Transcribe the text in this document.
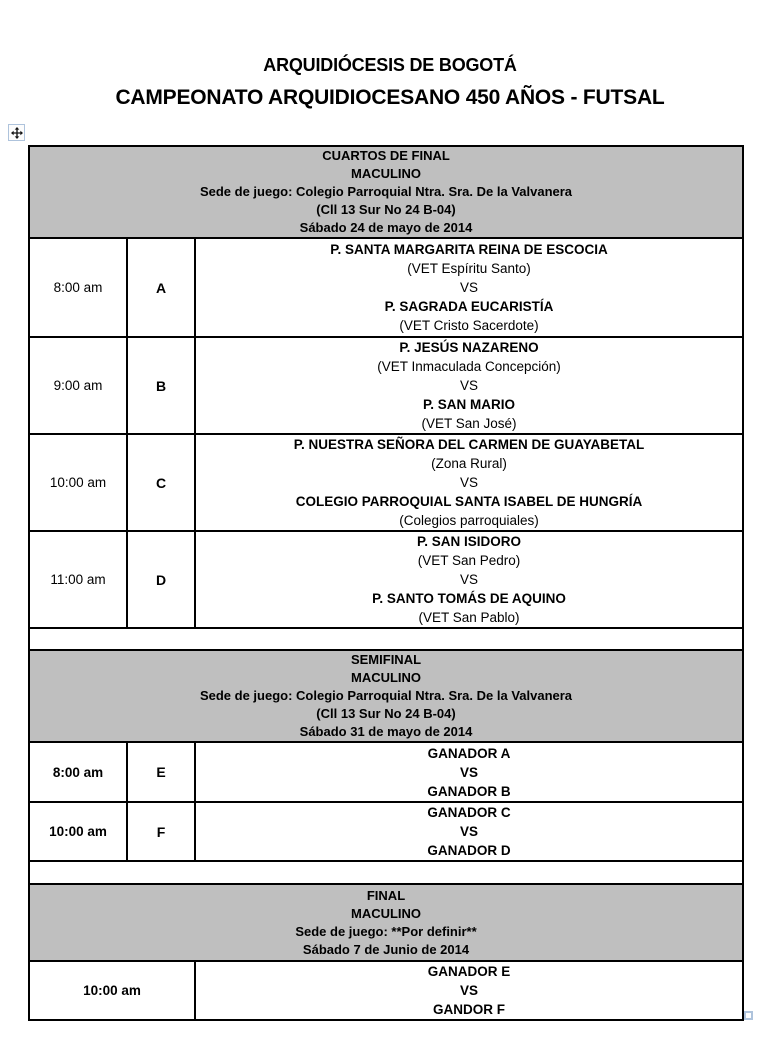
ARQUIDIÓCESIS DE BOGOTÁ
CAMPEONATO ARQUIDIOCESANO 450 AÑOS - FUTSAL
CUARTOS DE FINAL
MACULINO
Sede de juego: Colegio Parroquial Ntra. Sra. De la Valvanera
(Cll 13 Sur No 24 B-04)
Sábado 24 de mayo de 2014		

8:00 am	A	P. SANTA MARGARITA REINA DE ESCOCIA
(VET Espíritu Santo)
VS
P. SAGRADA EUCARISTÍA
(VET Cristo Sacerdote)

9:00 am	B	P. JESÚS NAZARENO
(VET Inmaculada Concepción)
VS
P. SAN MARIO
(VET San José)

10:00 am	C	P. NUESTRA SEÑORA DEL CARMEN DE GUAYABETAL
(Zona Rural)
VS
COLEGIO PARROQUIAL SANTA ISABEL DE HUNGRÍA
(Colegios parroquiales)

11:00 am	D	P. SAN ISIDORO
(VET San Pedro)
VS
P. SANTO TOMÁS DE AQUINO
(VET San Pablo)

SEMIFINAL
MACULINO
Sede de juego: Colegio Parroquial Ntra. Sra. De la Valvanera
(Cll 13 Sur No 24 B-04)
Sábado 31 de mayo de 2014		

8:00 am	E	GANADOR A
VS
GANADOR B

10:00 am	F	GANADOR C
VS
GANADOR D

FINAL
MACULINO
Sede de juego: **Por definir**
Sábado 7 de Junio de 2014		

10:00 am		GANADOR E
VS
GANDOR F
